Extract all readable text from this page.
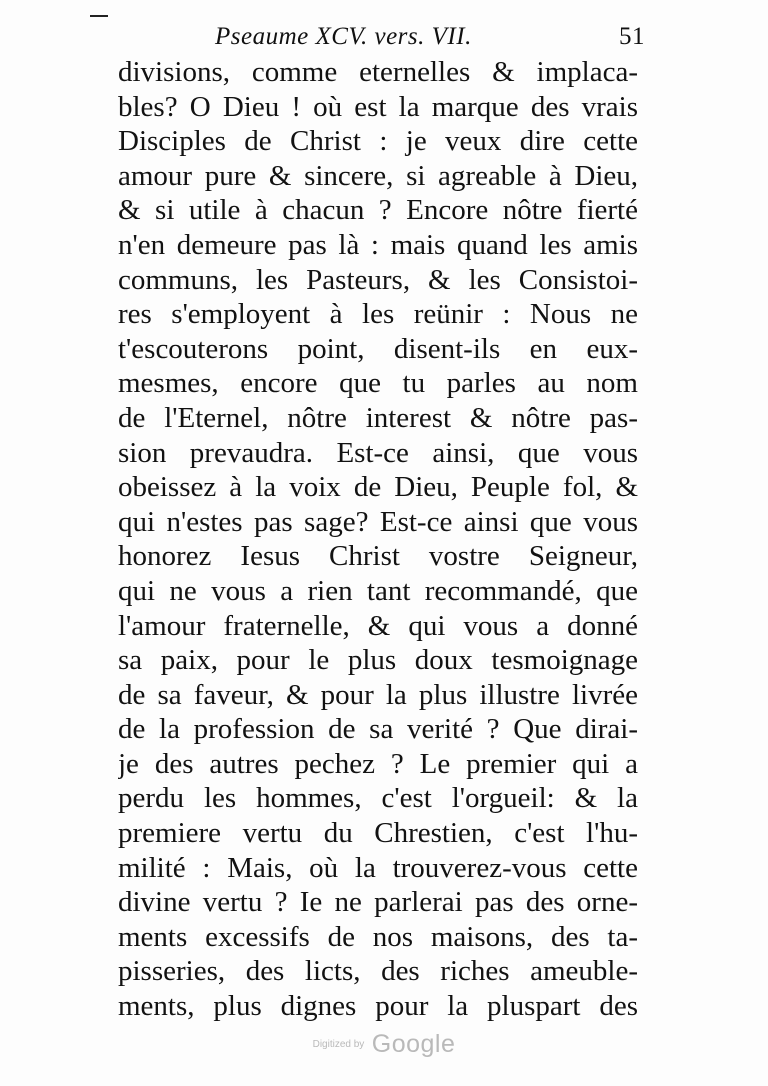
Pseaume XCV. vers. VII.	51
divisions, comme eternelles & implaca-
bles? O Dieu ! où est la marque des vrais
Disciples de Christ : je veux dire cette
amour pure & sincere, si agreable à Dieu,
& si utile à chacun ? Encore nôtre fierté
n'en demeure pas là : mais quand les amis
communs, les Pasteurs, & les Consistoi-
res s'employent à les reünir : Nous ne
t'escouterons point, disent-ils en eux-
mesmes, encore que tu parles au nom
de l'Eternel, nôtre interest & nôtre pas-
sion prevaudra. Est-ce ainsi, que vous
obeissez à la voix de Dieu, Peuple fol, &
qui n'estes pas sage? Est-ce ainsi que vous
honorez Iesus Christ vostre Seigneur,
qui ne vous a rien tant recommandé, que
l'amour fraternelle, & qui vous a donné
sa paix, pour le plus doux tesmoignage
de sa faveur, & pour la plus illustre livrée
de la profession de sa verité ? Que dirai-
je des autres pechez ? Le premier qui a
perdu les hommes, c'est l'orgueil: & la
premiere vertu du Chrestien, c'est l'hu-
milité : Mais, où la trouverez-vous cette
divine vertu ? Ie ne parlerai pas des orne-
ments excessifs de nos maisons, des ta-
pisseries, des licts, des riches ameuble-
ments, plus dignes pour la pluspart des
Digitized by Google
